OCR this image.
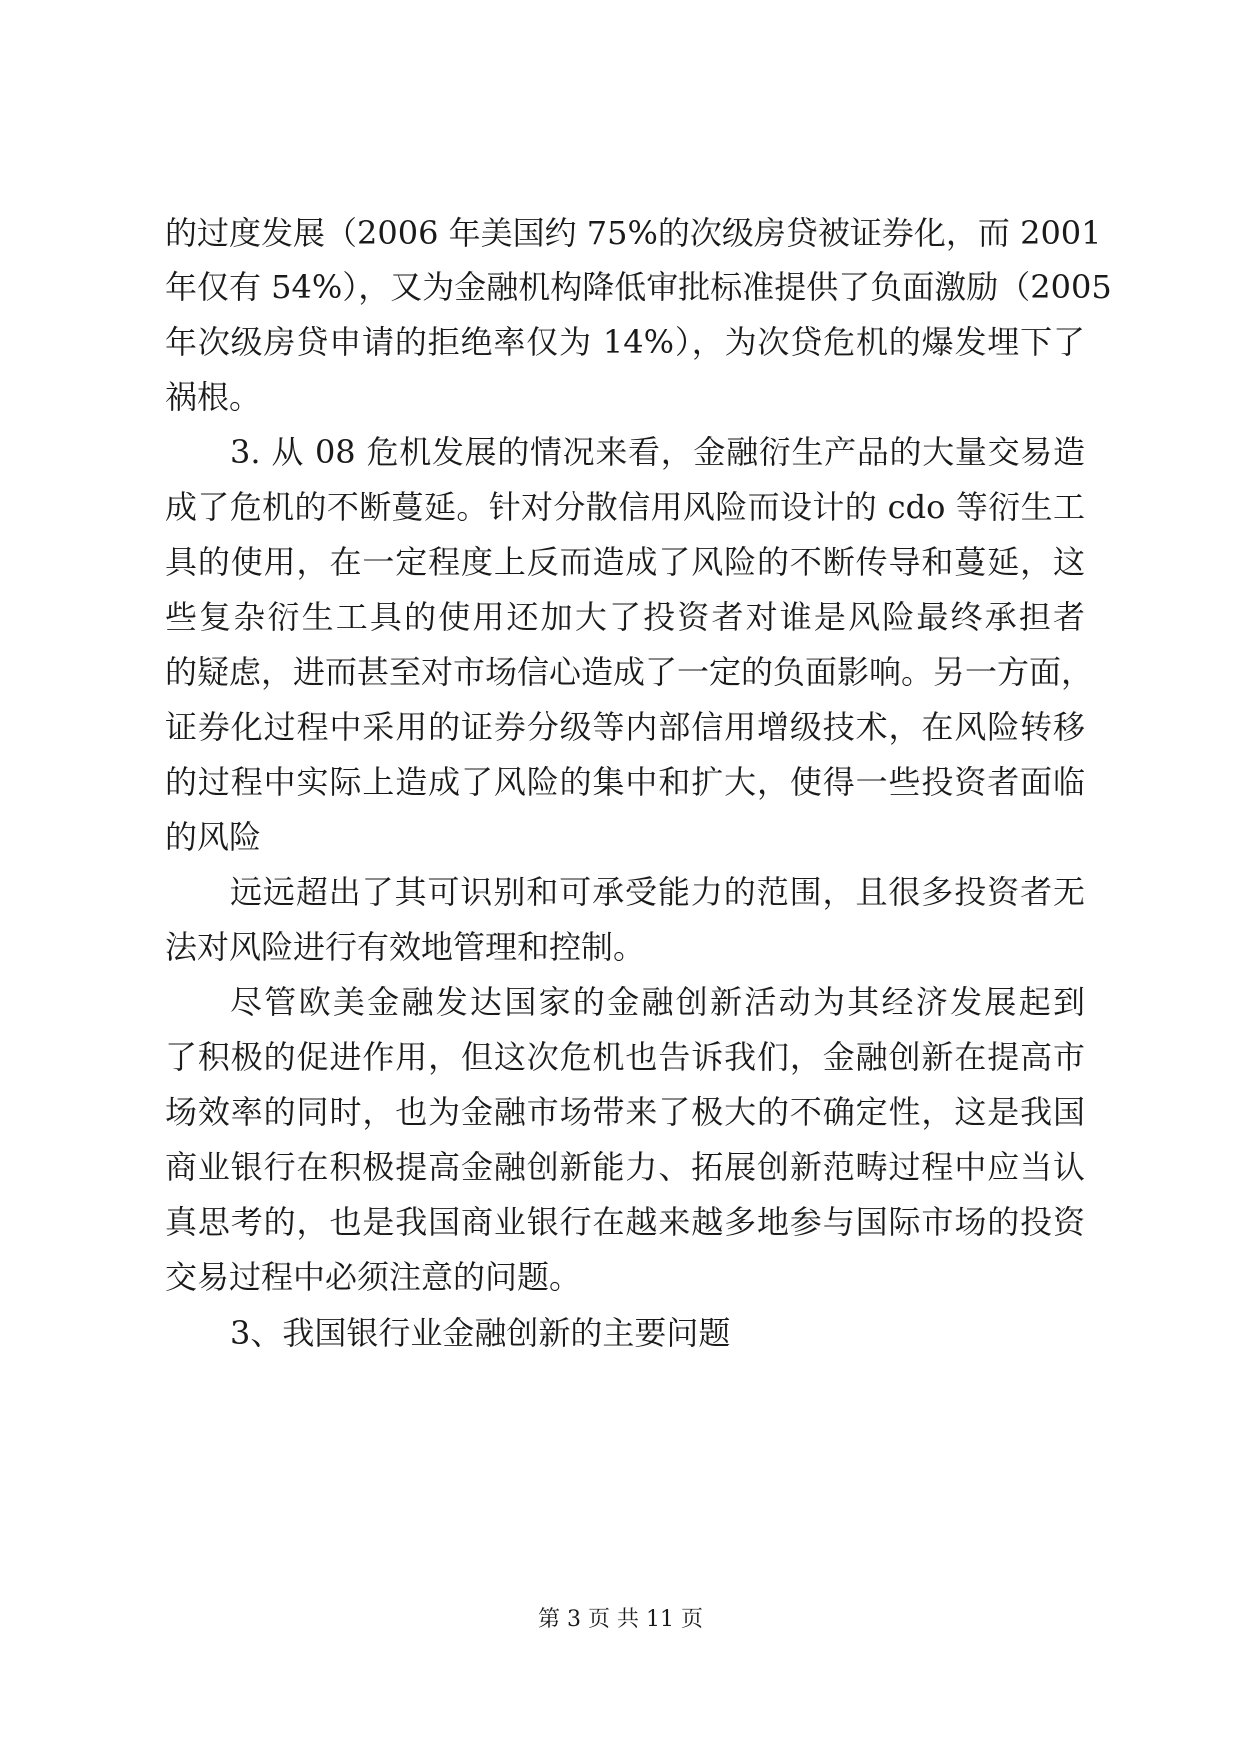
的过度发展（2006 年美国约 75%的次级房贷被证券化，而 2001
年仅有 54%），又为金融机构降低审批标准提供了负面激励（2005
年次级房贷申请的拒绝率仅为 14%），为次贷危机的爆发埋下了
祸根。
3. 从 08 危机发展的情况来看，金融衍生产品的大量交易造
成了危机的不断蔓延。针对分散信用风险而设计的 cdo 等衍生工
具的使用，在一定程度上反而造成了风险的不断传导和蔓延，这
些复杂衍生工具的使用还加大了投资者对谁是风险最终承担者
的疑虑，进而甚至对市场信心造成了一定的负面影响。另一方面，
证券化过程中采用的证券分级等内部信用增级技术，在风险转移
的过程中实际上造成了风险的集中和扩大，使得一些投资者面临
的风险
远远超出了其可识别和可承受能力的范围，且很多投资者无
法对风险进行有效地管理和控制。
尽管欧美金融发达国家的金融创新活动为其经济发展起到
了积极的促进作用，但这次危机也告诉我们，金融创新在提高市
场效率的同时，也为金融市场带来了极大的不确定性，这是我国
商业银行在积极提高金融创新能力、拓展创新范畴过程中应当认
真思考的，也是我国商业银行在越来越多地参与国际市场的投资
交易过程中必须注意的问题。
3、我国银行业金融创新的主要问题
第 3 页 共 11 页
